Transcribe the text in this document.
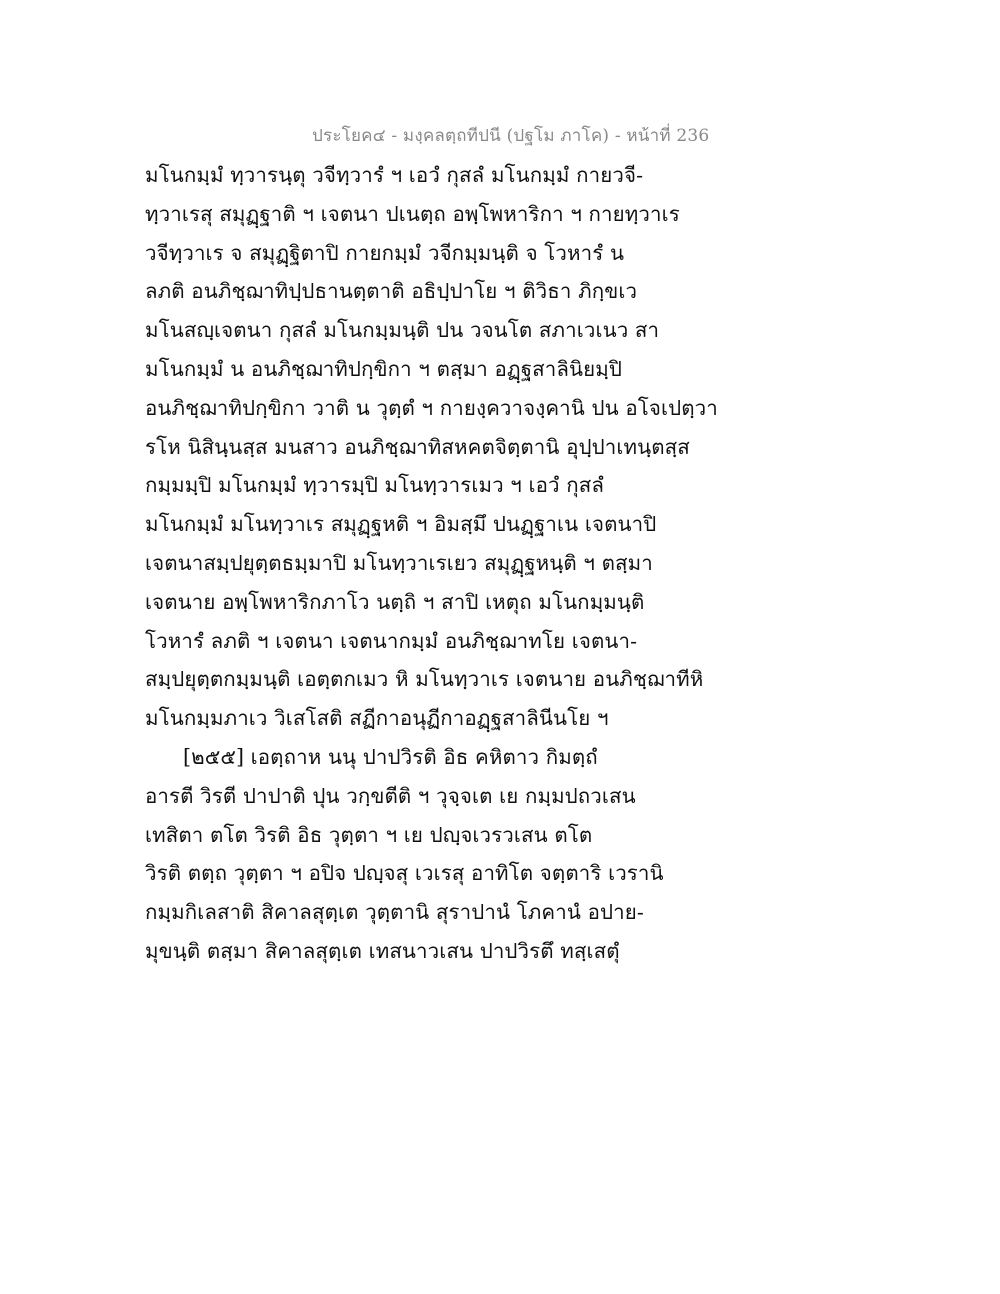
ประโยค๔ - มงฺคลตฺถทีปนี (ปฐโม ภาโค) - หน้าที่ 236
มโนกมฺมํ ทฺวารนฺตุ วจีทฺวารํ ฯ เอวํ กุสลํ มโนกมฺมํ กายวจี-
ทฺวาเรสุ สมุฏฺฐาติ ฯ เจตนา ปเนตฺถ อพฺโพหาริกา ฯ กายทฺวาเร
วจีทฺวาเร จ สมุฏฺฐิตาปิ กายกมฺมํ วจีกมฺมนฺติ จ โวหารํ น
ลภติ อนภิชฺฌาทิปฺปธานตฺตาติ อธิปฺปาโย ฯ ติวิธา ภิกฺขเว
มโนสญฺเจตนา กุสลํ มโนกมฺมนฺติ ปน วจนโต สภาเวเนว สา
มโนกมฺมํ น อนภิชฺฌาทิปกฺขิกา ฯ ตสฺมา อฏฺฐสาลินิยมฺปิ
อนภิชฺฌาทิปกฺขิกา วาติ น วุตฺตํ ฯ กายงฺควาจงฺคานิ ปน อโจเปตฺวา
รโห นิสินฺนสฺส มนสาว อนภิชฺฌาทิสหคตจิตฺตานิ อุปฺปาเทนฺตสฺส
กมฺมมฺปิ มโนกมฺมํ ทฺวารมฺปิ มโนทฺวารเมว ฯ เอวํ กุสลํ
มโนกมฺมํ มโนทฺวาเร สมุฏฺฐหติ ฯ อิมสฺมึ ปนฏฺฐาเน เจตนาปิ
เจตนาสมฺปยุตฺตธมฺมาปิ มโนทฺวาเรเยว สมุฏฺฐหนฺติ ฯ ตสฺมา
เจตนาย อพฺโพหาริกภาโว นตฺถิ ฯ สาปิ เหตุถ มโนกมฺมนฺติ
โวหารํ ลภติ ฯ เจตนา เจตนากมฺมํ อนภิชฺฌาทโย เจตนา-
สมฺปยุตฺตกมฺมนฺติ เอตฺตกเมว หิ มโนทฺวาเร เจตนาย อนภิชฺฌาทีหิ
มโนกมฺมภาเว วิเสโสติ สฏีกาอนุฏีกาอฏฺฐสาลินีนโย ฯ
[๒๕๕] เอตฺถาห นนุ ปาปวิรติ อิธ คหิตาว กิมตฺถํ
อารตี วิรตี ปาปาติ ปุน วกฺขตีติ ฯ วุจฺจเต เย กมฺมปถวเสน
เทสิตา ตโต วิรติ อิธ วุตฺตา ฯ เย ปญฺจเวรวเสน ตโต
วิรติ ตตฺถ วุตฺตา ฯ อปิจ ปญฺจสุ เวเรสุ อาทิโต จตฺตาริ เวรานิ
กมฺมกิเลสาติ สิคาลสุตฺเต วุตฺตานิ สุราปานํ โภคานํ อปาย-
มุขนฺติ ตสฺมา สิคาลสุตฺเต เทสนาวเสน ปาปวิรตึ ทสฺเสตุํ
